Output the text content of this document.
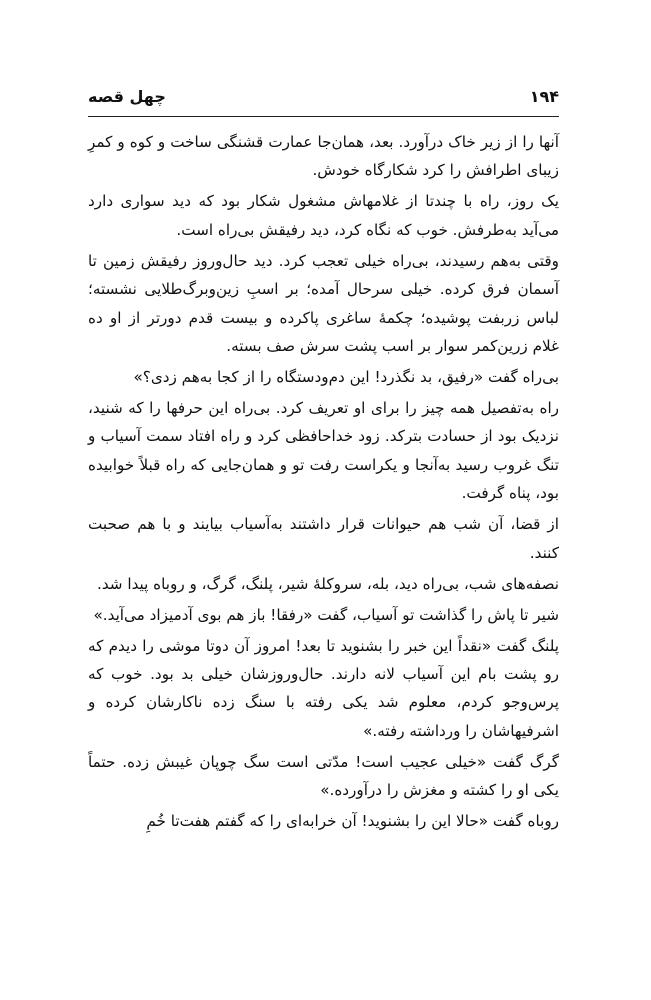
۱۹۴
چهل قصه

آنها را از زیر خاک درآورد. بعد، همان‌جا عمارت قشنگی ساخت و کوه و کمرِ زیبای اطرافش را کرد شکارگاه خودش.

یک روز، راه با چندتا از غلامهاش مشغول شکار بود که دید سواری دارد می‌آید به‌طرفش. خوب که نگاه کرد، دید رفیقش بی‌راه است.

وقتی به‌هم رسیدند، بی‌راه خیلی تعجب کرد. دید حال‌وروز رفیقش زمین تا آسمان فرق کرده. خیلی سرحال آمده؛ بر اسبِ زین‌وبرگ‌طلایی نشسته؛ لباس زربفت پوشیده؛ چکمهٔ ساغری پاکرده و بیست قدم دورتر از او ده غلام زرین‌کمر سوار بر اسب پشت سرش صف بسته.

بی‌راه گفت «رفیق، بد نگذرد! این دم‌ودستگاه را از کجا به‌هم زدی؟»

راه به‌تفصیل همه چیز را برای او تعریف کرد. بی‌راه این حرفها را که شنید، نزدیک بود از حسادت بترکد. زود خداحافظی کرد و راه افتاد سمت آسیاب و تنگ غروب رسید به‌آنجا و یکراست رفت تو و همان‌جایی که راه قبلاً خوابیده بود، پناه گرفت.

از قضا، آن شب هم حیوانات قرار داشتند به‌آسیاب بیایند و با هم صحبت کنند.

نصفه‌های شب، بی‌راه دید، بله، سروکلهٔ شیر، پلنگ، گرگ، و روباه پیدا شد.

شیر تا پاش را گذاشت تو آسیاب، گفت «رفقا! باز هم بوی آدمیزاد می‌آید.»

پلنگ گفت «نقداً این خبر را بشنوید تا بعد! امروز آن دوتا موشی را دیدم که رو پشت بام این آسیاب لانه دارند. حال‌وروزشان خیلی بد بود. خوب که پرس‌وجو کردم، معلوم شد یکی رفته با سنگ زده ناکارشان کرده و اشرفیهاشان را ورداشته رفته.»

گرگ گفت «خیلی عجیب است! مدّتی است سگ چوپان غیبش زده. حتماً یکی او را کشته و مغزش را درآورده.»

روباه گفت «حالا این را بشنوید! آن خرابه‌ای را که گفتم هفت‌تا خُمِ
